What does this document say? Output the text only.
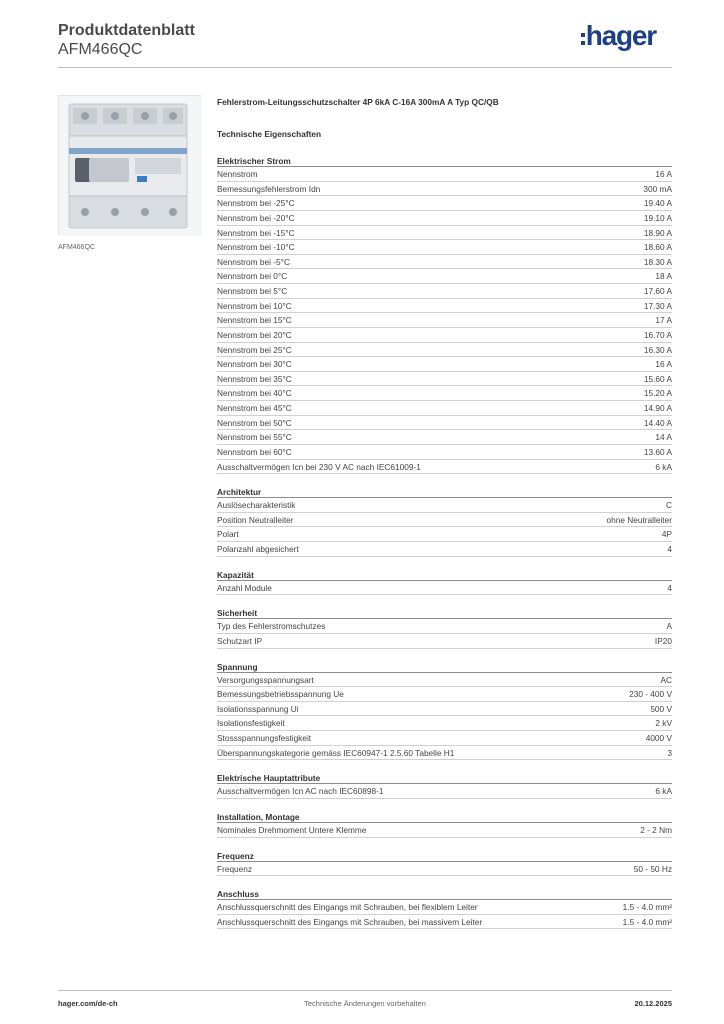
Produktdatenblatt
AFM466QC	hager
AFM466QC
Fehlerstrom-Leitungsschutzschalter 4P 6kA C-16A 300mA A Typ QC/QB
Technische Eigenschaften
Elektrischer Strom
Nennstrom	16 A
Bemessungsfehlerstrom Idn	300 mA
Nennstrom bei -25°C	19.40 A
Nennstrom bei -20°C	19.10 A
Nennstrom bei -15°C	18.90 A
Nennstrom bei -10°C	18.60 A
Nennstrom bei -5°C	18.30 A
Nennstrom bei 0°C	18 A
Nennstrom bei 5°C	17.60 A
Nennstrom bei 10°C	17.30 A
Nennstrom bei 15°C	17 A
Nennstrom bei 20°C	16.70 A
Nennstrom bei 25°C	16.30 A
Nennstrom bei 30°C	16 A
Nennstrom bei 35°C	15.60 A
Nennstrom bei 40°C	15.20 A
Nennstrom bei 45°C	14.90 A
Nennstrom bei 50°C	14.40 A
Nennstrom bei 55°C	14 A
Nennstrom bei 60°C	13.60 A
Ausschaltvermögen Icn bei 230 V AC nach IEC61009-1	6 kA
Architektur
Auslösecharakteristik	C
Position Neutralleiter	ohne Neutralleiter
Polart	4P
Polanzahl abgesichert	4
Kapazität
Anzahl Module	4
Sicherheit
Typ des Fehlerstromschutzes	A
Schutzart IP	IP20
Spannung
Versorgungsspannungsart	AC
Bemessungsbetriebsspannung Ue	230 - 400 V
Isolationsspannung Ui	500 V
Isolationsfestigkeit	2 kV
Stossspannungsfestigkeit	4000 V
Überspannungskategorie gemäss IEC60947-1 2.5.60 Tabelle H1	3
Elektrische Hauptattribute
Ausschaltvermögen Icn AC nach IEC60898-1	6 kA
Installation, Montage
Nominales Drehmoment Untere Klemme	2 - 2 Nm
Frequenz
Frequenz	50 - 50 Hz
Anschluss
Anschlussquerschnitt des Eingangs mit Schrauben, bei flexiblem Leiter	1.5 - 4.0 mm²
Anschlussquerschnitt des Eingangs mit Schrauben, bei massivem Leiter	1.5 - 4.0 mm²
hager.com/de-ch	Technische Änderungen vorbehalten	20.12.2025
